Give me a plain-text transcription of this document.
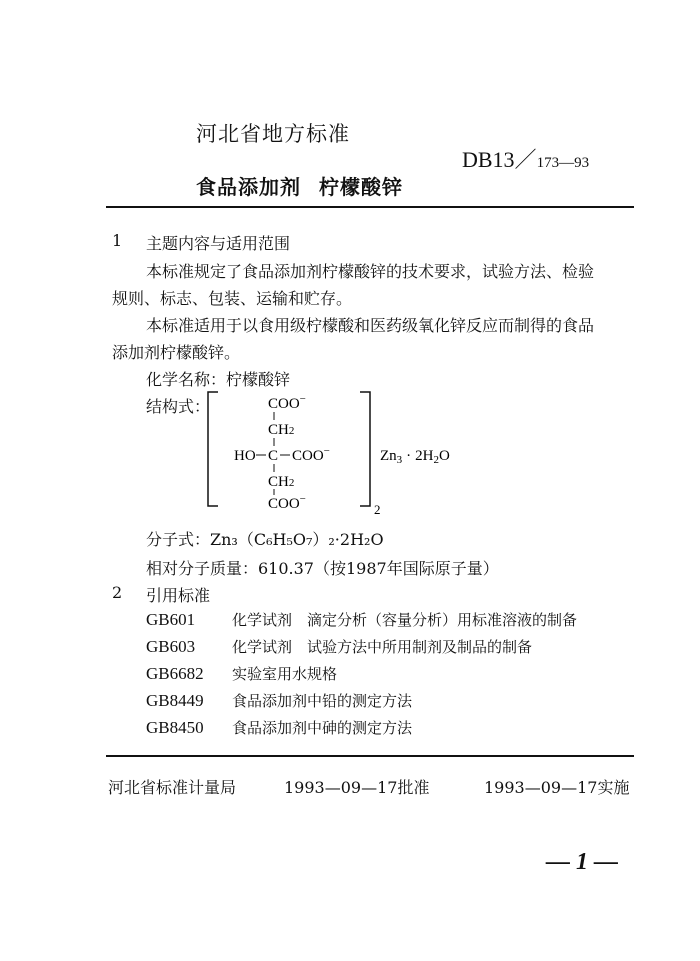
河北省地方标准
DB13／173—93
食品添加剂 柠檬酸锌
1 主题内容与适用范围
本标准规定了食品添加剂柠檬酸锌的技术要求，试验方法、检验
规则、标志、包装、运输和贮存。
本标准适用于以食用级柠檬酸和医药级氧化锌反应而制得的食品
添加剂柠檬酸锌。
化学名称：柠檬酸锌
结构式：	COO−
CH2
HO C COO−
CH2
COO−
2
$Zn_3 \cdot 2H_2O$
分子式：Zn₃（C₆H₅O₇）₂·2H₂O
相对分子质量：610.37（按1987年国际原子量）
2 引用标准
GB601 化学试剂　滴定分析（容量分析）用标准溶液的制备
GB603 化学试剂　试验方法中所用制剂及制品的制备
GB6682 实验室用水规格
GB8449 食品添加剂中铅的测定方法
GB8450 食品添加剂中砷的测定方法
河北省标准计量局	1993—09—17批准	1993—09—17实施
— 1 —
